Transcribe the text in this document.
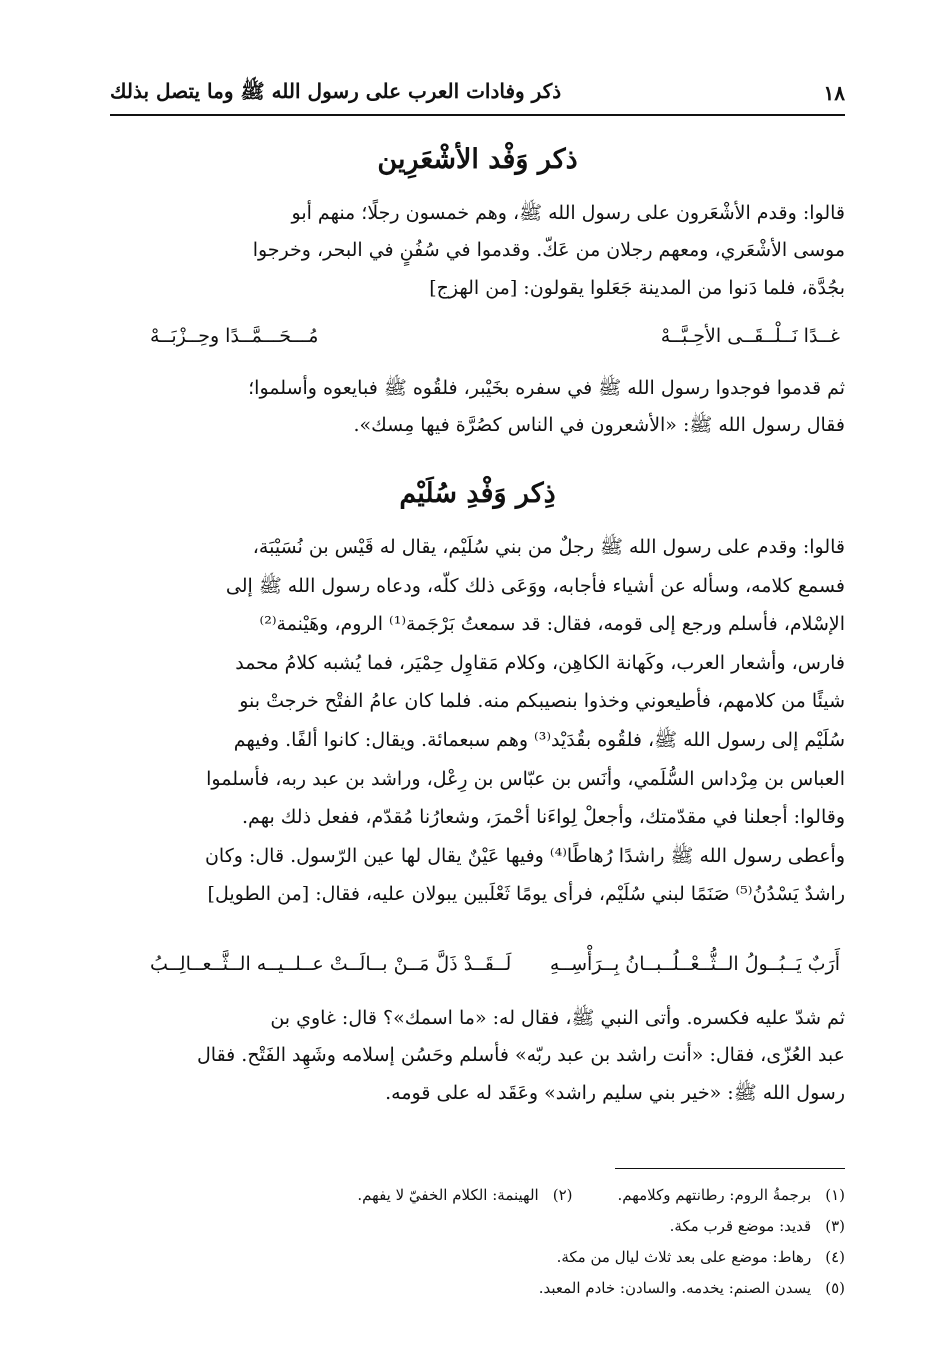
١٨
ذكر وفادات العرب على رسول الله ﷺ وما يتصل بذلك
ذكر وَفْد الأشْعَرِين
قالوا: وقدم الأشْعَرون على رسول الله ﷺ، وهم خمسون رجلًا؛ منهم أبو
موسى الأشْعَري، ومعهم رجلان من عَكّ. وقدموا في سُفُنٍ في البحر، وخرجوا
بجُدَّة، فلما دَنوا من المدينة جَعَلوا يقولون: [من الهزج]
غــدًا نَــلْــقَــى الأحِـبَّــهْ
مُـــحَـــمَّــدًا وحِــزْبَــهْ
ثم قدموا فوجدوا رسول الله ﷺ في سفره بخَيْبر، فلقُوه ﷺ فبايعوه وأسلموا؛
فقال رسول الله ﷺ: «الأشعرون في الناس كصُرَّة فيها مِسك».
ذِكر وَفْدِ سُلَيْم
قالوا: وقدم على رسول الله ﷺ رجلٌ من بني سُلَيْم، يقال له قَيْس بن نُسَيْبَة،
فسمع كلامه، وسأله عن أشياء فأجابه، ووَعَى ذلك كلّه، ودعاه رسول الله ﷺ إلى
الإسْلام، فأسلم ورجع إلى قومه، فقال: قد سمعتُ بَرْجَمة⁽¹⁾ الروم، وهَيْنمة⁽²⁾
فارس، وأشعار العرب، وكَهانة الكاهِن، وكلام مَقاوِل حِمْيَر، فما يُشبه كلامُ محمد
شيئًا من كلامهم، فأطيعوني وخذوا بنصيبكم منه. فلما كان عامُ الفتْح خرجتْ بنو
سُلَيْم إلى رسول الله ﷺ، فلقُوه بقُدَيْد⁽³⁾ وهم سبعمائة. ويقال: كانوا ألفًا. وفيهم
العباس بن مِرْداس السُّلَمي، وأنَس بن عبّاس بن رِعْل، وراشد بن عبد ربه، فأسلموا
وقالوا: أجعلنا في مقدّمتك، وأجعلْ لِواءَنا أحْمرَ، وشعارُنا مُقدّم، ففعل ذلك بهم.
وأعطى رسول الله ﷺ راشدًا رُهاطًا⁽⁴⁾ وفيها عَيْنٌ يقال لها عين الرّسول. قال: وكان
راشدٌ يَسْدُنُ⁽⁵⁾ صَنَمًا لبني سُلَيْم، فرأى يومًا ثَعْلَبين يبولان عليه، فقال: [من الطويل]
أَرَبٌ يَــبُــولُ الــثُّــعْــلُــبــانُ بِــرَأْسِــهِ
لَــقَــدْ ذَلَّ مَــنْ بــالَــتْ عــلــيــه الــثَّــعــالِــبُ
ثم شدّ عليه فكسره. وأتى النبي ﷺ، فقال له: «ما اسمك»؟ قال: غاوي بن
عبد العُزّى، فقال: «أنت راشد بن عبد ربّه» فأسلم وحَسُن إسلامه وشَهِد الفَتْح. فقال
رسول الله ﷺ: «خير بني سليم راشد» وعَقَد له على قومه.
(١)برجمةُ الروم: رطانتهم وكلامهم.
(٢)الهينمة: الكلام الخفيّ لا يفهم.
(٣)
قديد: موضع قرب مكة.
(٤)
رهاط: موضع على بعد ثلاث ليال من مكة.
(٥)
يسدن الصنم: يخدمه. والسادن: خادم المعبد.
